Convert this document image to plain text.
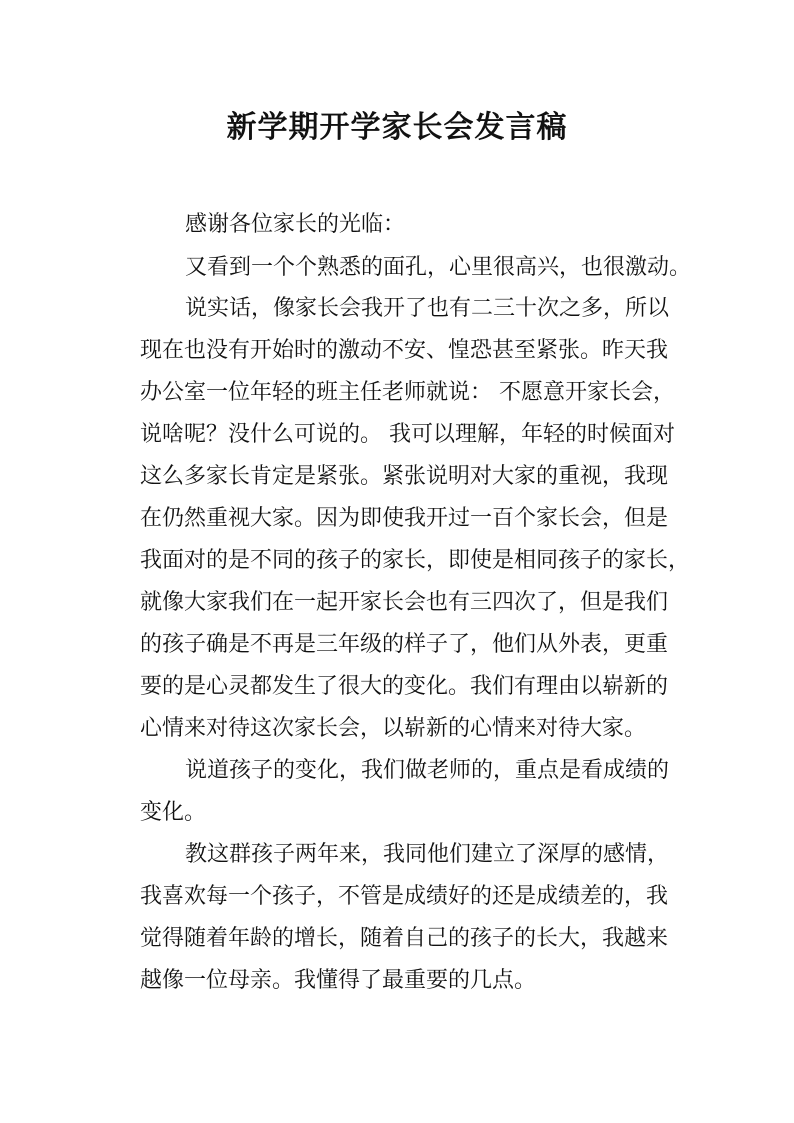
新学期开学家长会发言稿

感谢各位家长的光临：

又看到一个个熟悉的面孔，心里很高兴，也很激动。

说实话，像家长会我开了也有二三十次之多，所以

现在也没有开始时的激动不安、惶恐甚至紧张。昨天我

办公室一位年轻的班主任老师就说： 不愿意开家长会，

说啥呢？没什么可说的。 我可以理解，年轻的时候面对

这么多家长肯定是紧张。紧张说明对大家的重视，我现

在仍然重视大家。因为即使我开过一百个家长会，但是

我面对的是不同的孩子的家长，即使是相同孩子的家长，

就像大家我们在一起开家长会也有三四次了，但是我们

的孩子确是不再是三年级的样子了，他们从外表，更重

要的是心灵都发生了很大的变化。我们有理由以崭新的

心情来对待这次家长会，以崭新的心情来对待大家。

说道孩子的变化，我们做老师的，重点是看成绩的

变化。

教这群孩子两年来，我同他们建立了深厚的感情，

我喜欢每一个孩子，不管是成绩好的还是成绩差的，我

觉得随着年龄的增长，随着自己的孩子的长大，我越来

越像一位母亲。我懂得了最重要的几点。
